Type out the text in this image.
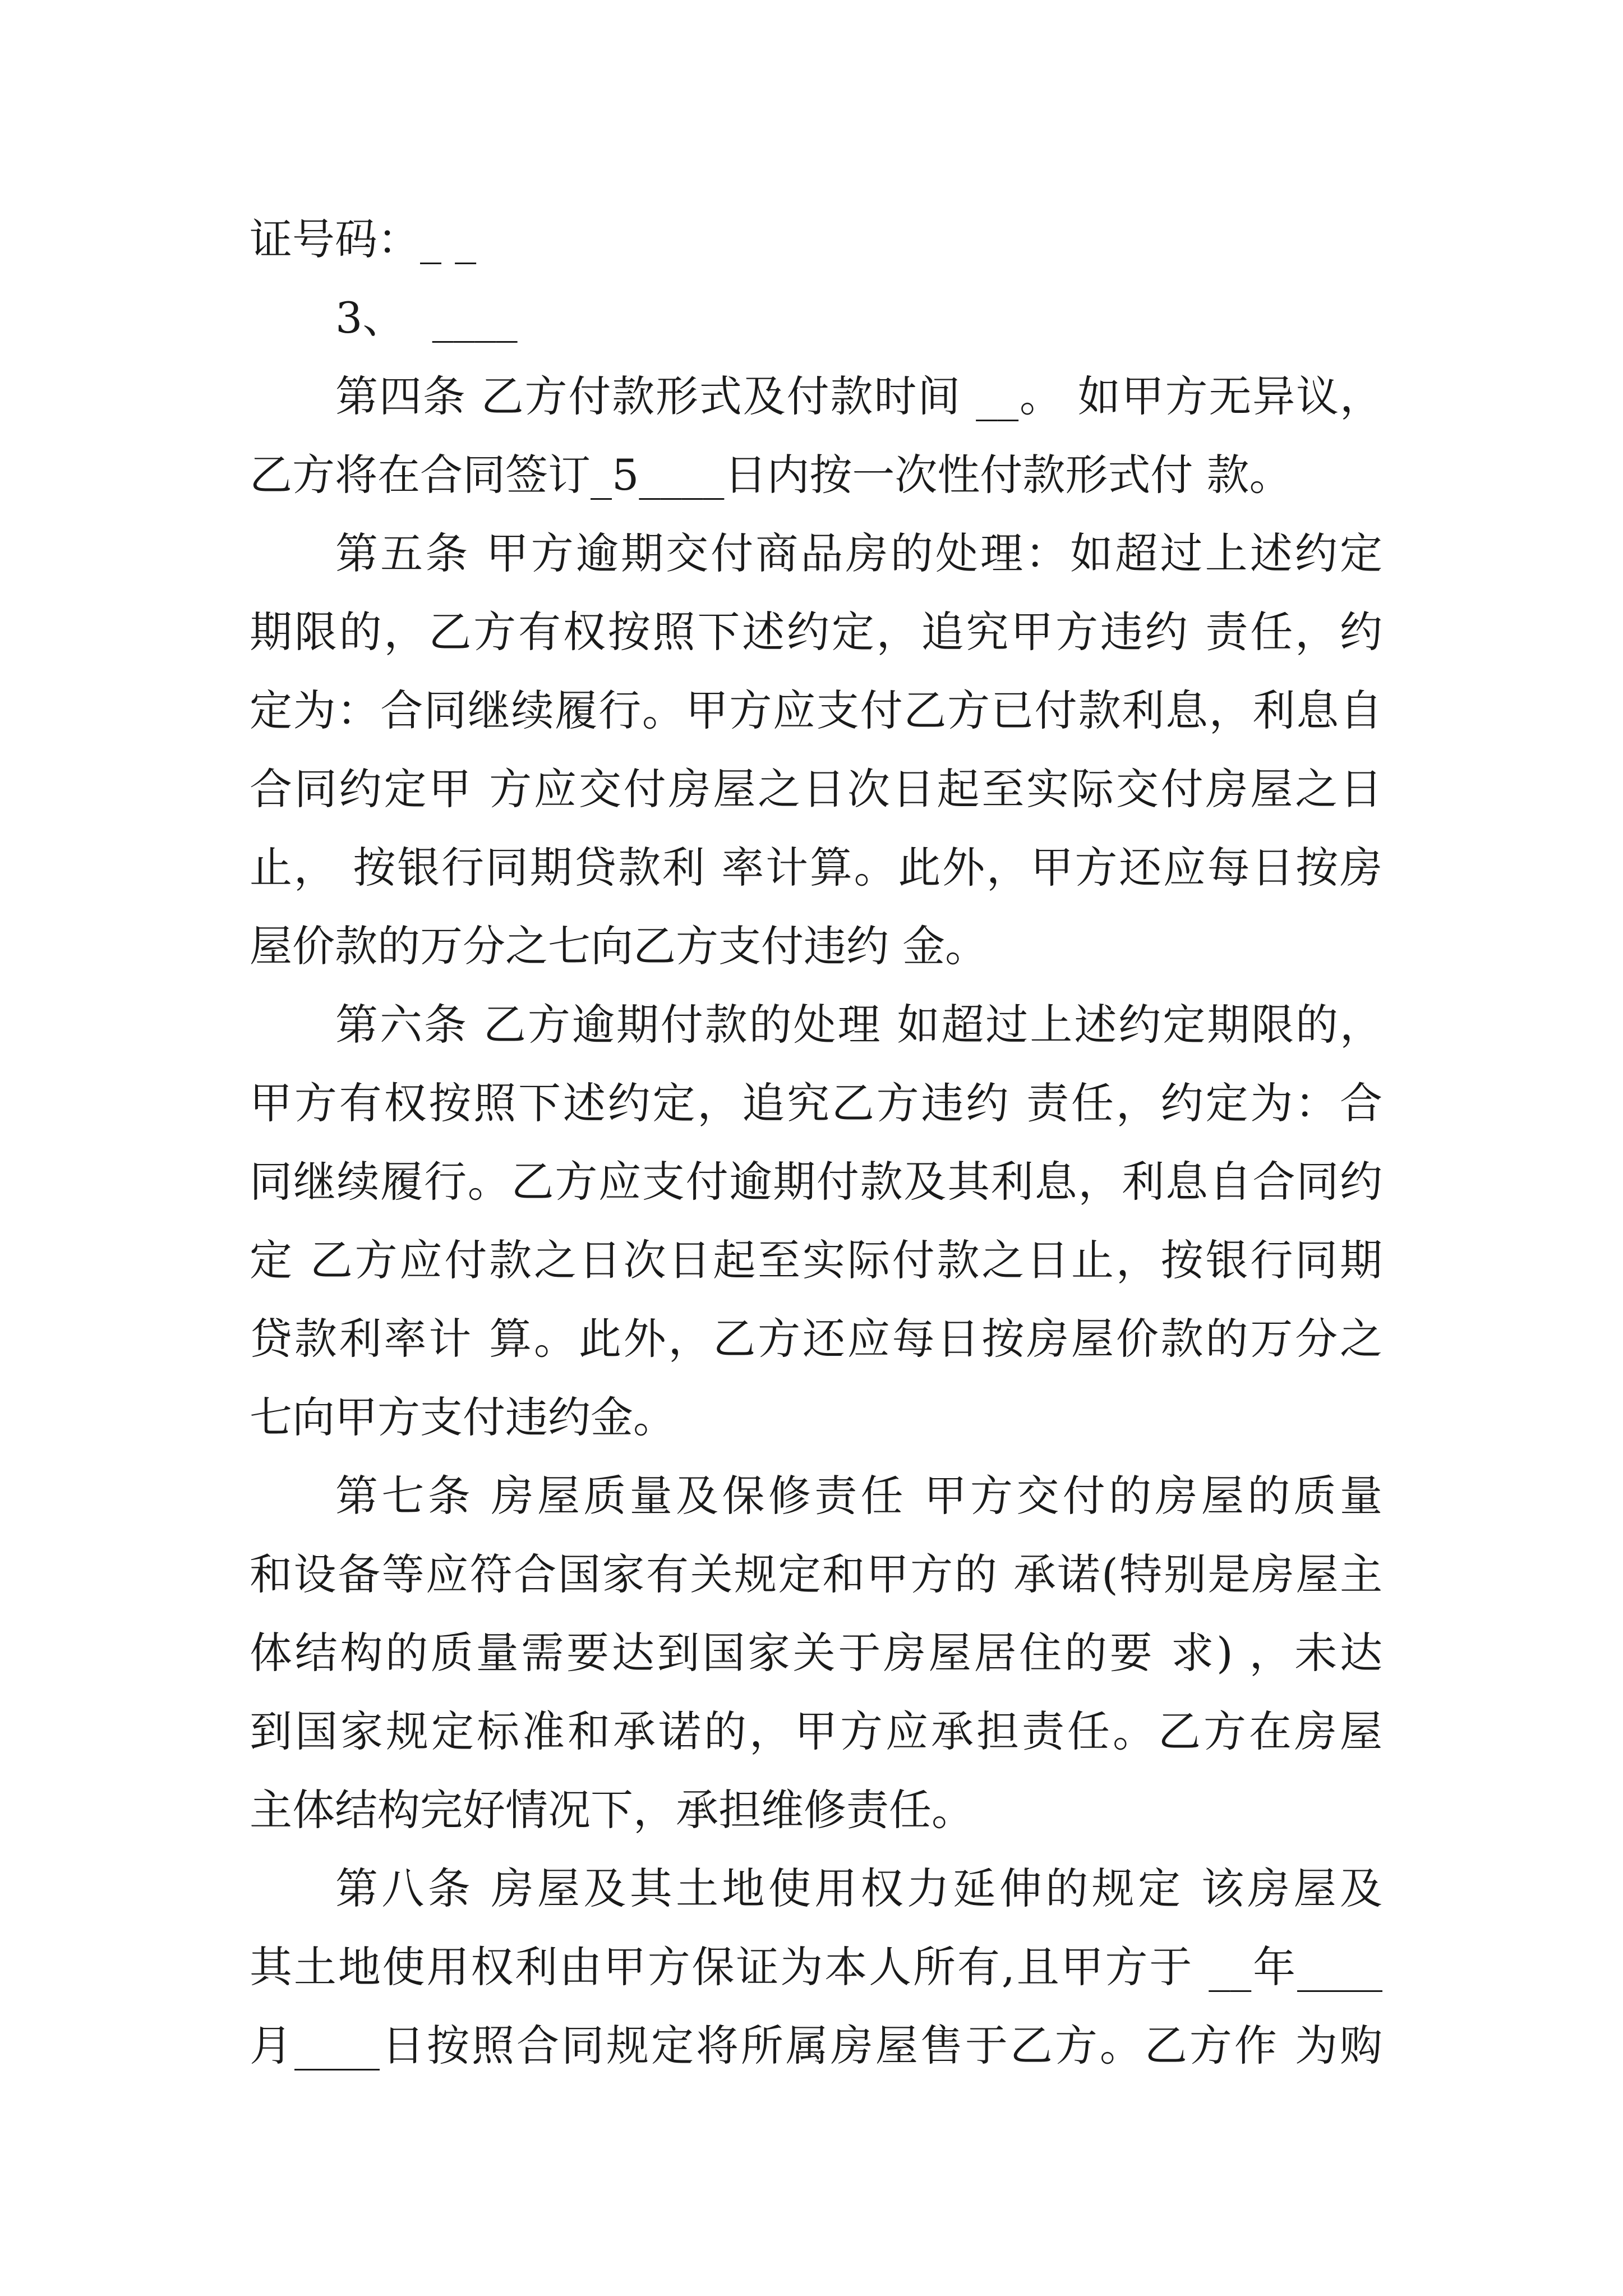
证号码：_ _
3、  ____
第四条 乙方付款形式及付款时间 __。 如甲方无异议，
乙方将在合同签订_5____日内按一次性付款形式付 款。
第五条 甲方逾期交付商品房的处理：如超过上述约定
期限的，乙方有权按照下述约定，追究甲方违约 责任，约
定为：合同继续履行。甲方应支付乙方已付款利息，利息自
合同约定甲 方应交付房屋之日次日起至实际交付房屋之日
止， 按银行同期贷款利 率计算。此外，甲方还应每日按房
屋价款的万分之七向乙方支付违约 金。
第六条 乙方逾期付款的处理 如超过上述约定期限的，
甲方有权按照下述约定，追究乙方违约 责任，约定为：合
同继续履行。乙方应支付逾期付款及其利息，利息自合同约
定 乙方应付款之日次日起至实际付款之日止，按银行同期
贷款利率计 算。此外，乙方还应每日按房屋价款的万分之
七向甲方支付违约金。
第七条 房屋质量及保修责任 甲方交付的房屋的质量
和设备等应符合国家有关规定和甲方的 承诺(特别是房屋主
体结构的质量需要达到国家关于房屋居住的要 求) ，未达
到国家规定标准和承诺的，甲方应承担责任。乙方在房屋
主体结构完好情况下，承担维修责任。
第八条 房屋及其土地使用权力延伸的规定 该房屋及
其土地使用权利由甲方保证为本人所有,且甲方于 __年____
月____日按照合同规定将所属房屋售于乙方。乙方作 为购
